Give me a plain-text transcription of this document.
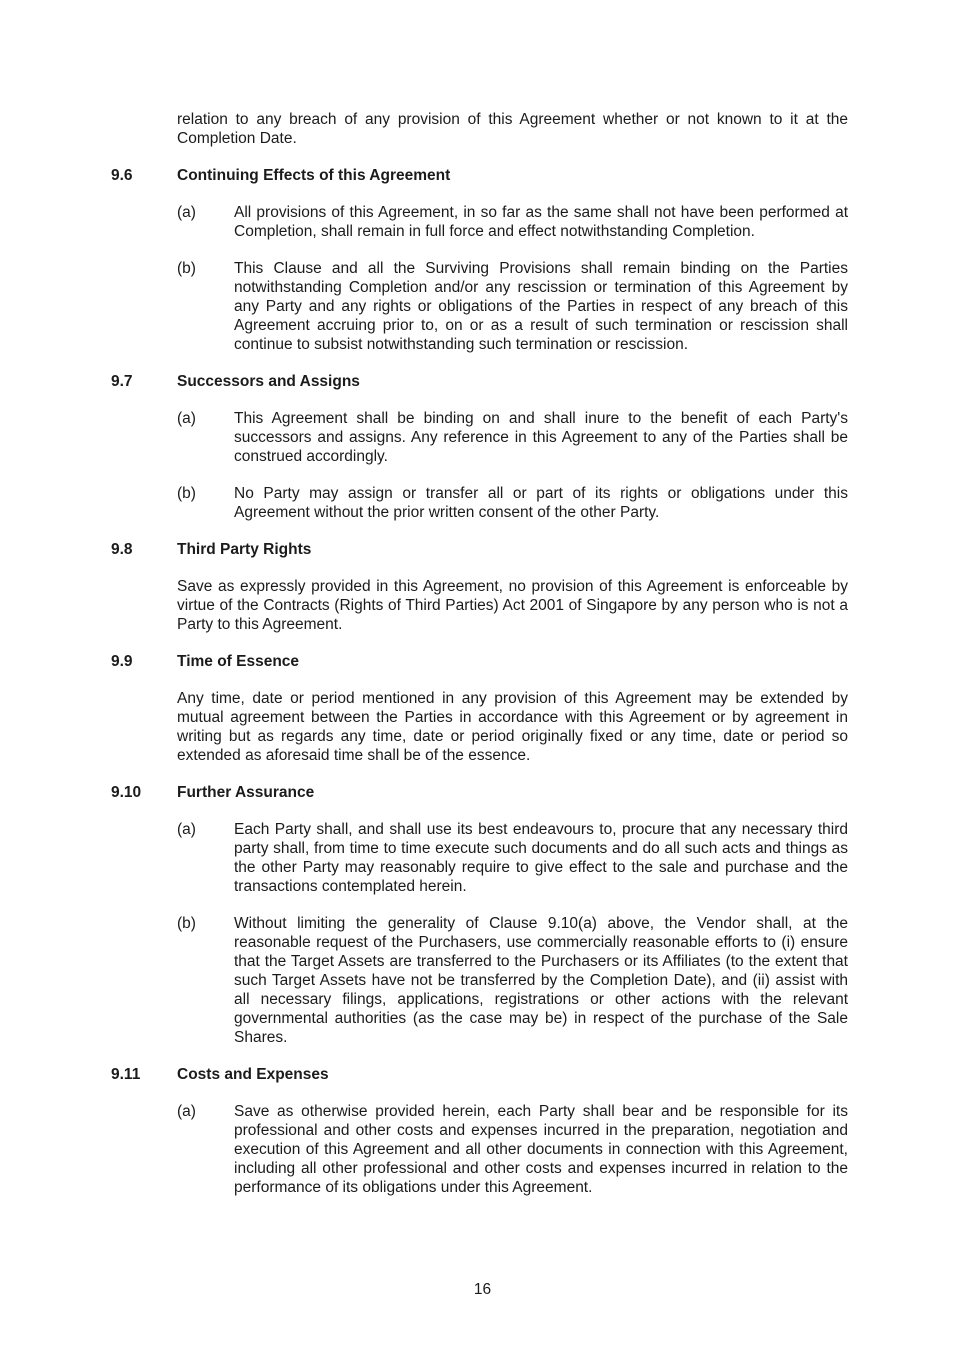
relation to any breach of any provision of this Agreement whether or not known to it at the Completion Date.
9.6	Continuing Effects of this Agreement
(a)	All provisions of this Agreement, in so far as the same shall not have been performed at Completion, shall remain in full force and effect notwithstanding Completion.
(b)	This Clause and all the Surviving Provisions shall remain binding on the Parties notwithstanding Completion and/or any rescission or termination of this Agreement by any Party and any rights or obligations of the Parties in respect of any breach of this Agreement accruing prior to, on or as a result of such termination or rescission shall continue to subsist notwithstanding such termination or rescission.
9.7	Successors and Assigns
(a)	This Agreement shall be binding on and shall inure to the benefit of each Party's successors and assigns. Any reference in this Agreement to any of the Parties shall be construed accordingly.
(b)	No Party may assign or transfer all or part of its rights or obligations under this Agreement without the prior written consent of the other Party.
9.8	Third Party Rights
Save as expressly provided in this Agreement, no provision of this Agreement is enforceable by virtue of the Contracts (Rights of Third Parties) Act 2001 of Singapore by any person who is not a Party to this Agreement.
9.9	Time of Essence
Any time, date or period mentioned in any provision of this Agreement may be extended by mutual agreement between the Parties in accordance with this Agreement or by agreement in writing but as regards any time, date or period originally fixed or any time, date or period so extended as aforesaid time shall be of the essence.
9.10	Further Assurance
(a)	Each Party shall, and shall use its best endeavours to, procure that any necessary third party shall, from time to time execute such documents and do all such acts and things as the other Party may reasonably require to give effect to the sale and purchase and the transactions contemplated herein.
(b)	Without limiting the generality of Clause 9.10(a) above, the Vendor shall, at the reasonable request of the Purchasers, use commercially reasonable efforts to (i) ensure that the Target Assets are transferred to the Purchasers or its Affiliates (to the extent that such Target Assets have not be transferred by the Completion Date), and (ii) assist with all necessary filings, applications, registrations or other actions with the relevant governmental authorities (as the case may be) in respect of the purchase of the Sale Shares.
9.11	Costs and Expenses
(a)	Save as otherwise provided herein, each Party shall bear and be responsible for its professional and other costs and expenses incurred in the preparation, negotiation and execution of this Agreement and all other documents in connection with this Agreement, including all other professional and other costs and expenses incurred in relation to the performance of its obligations under this Agreement.
16
